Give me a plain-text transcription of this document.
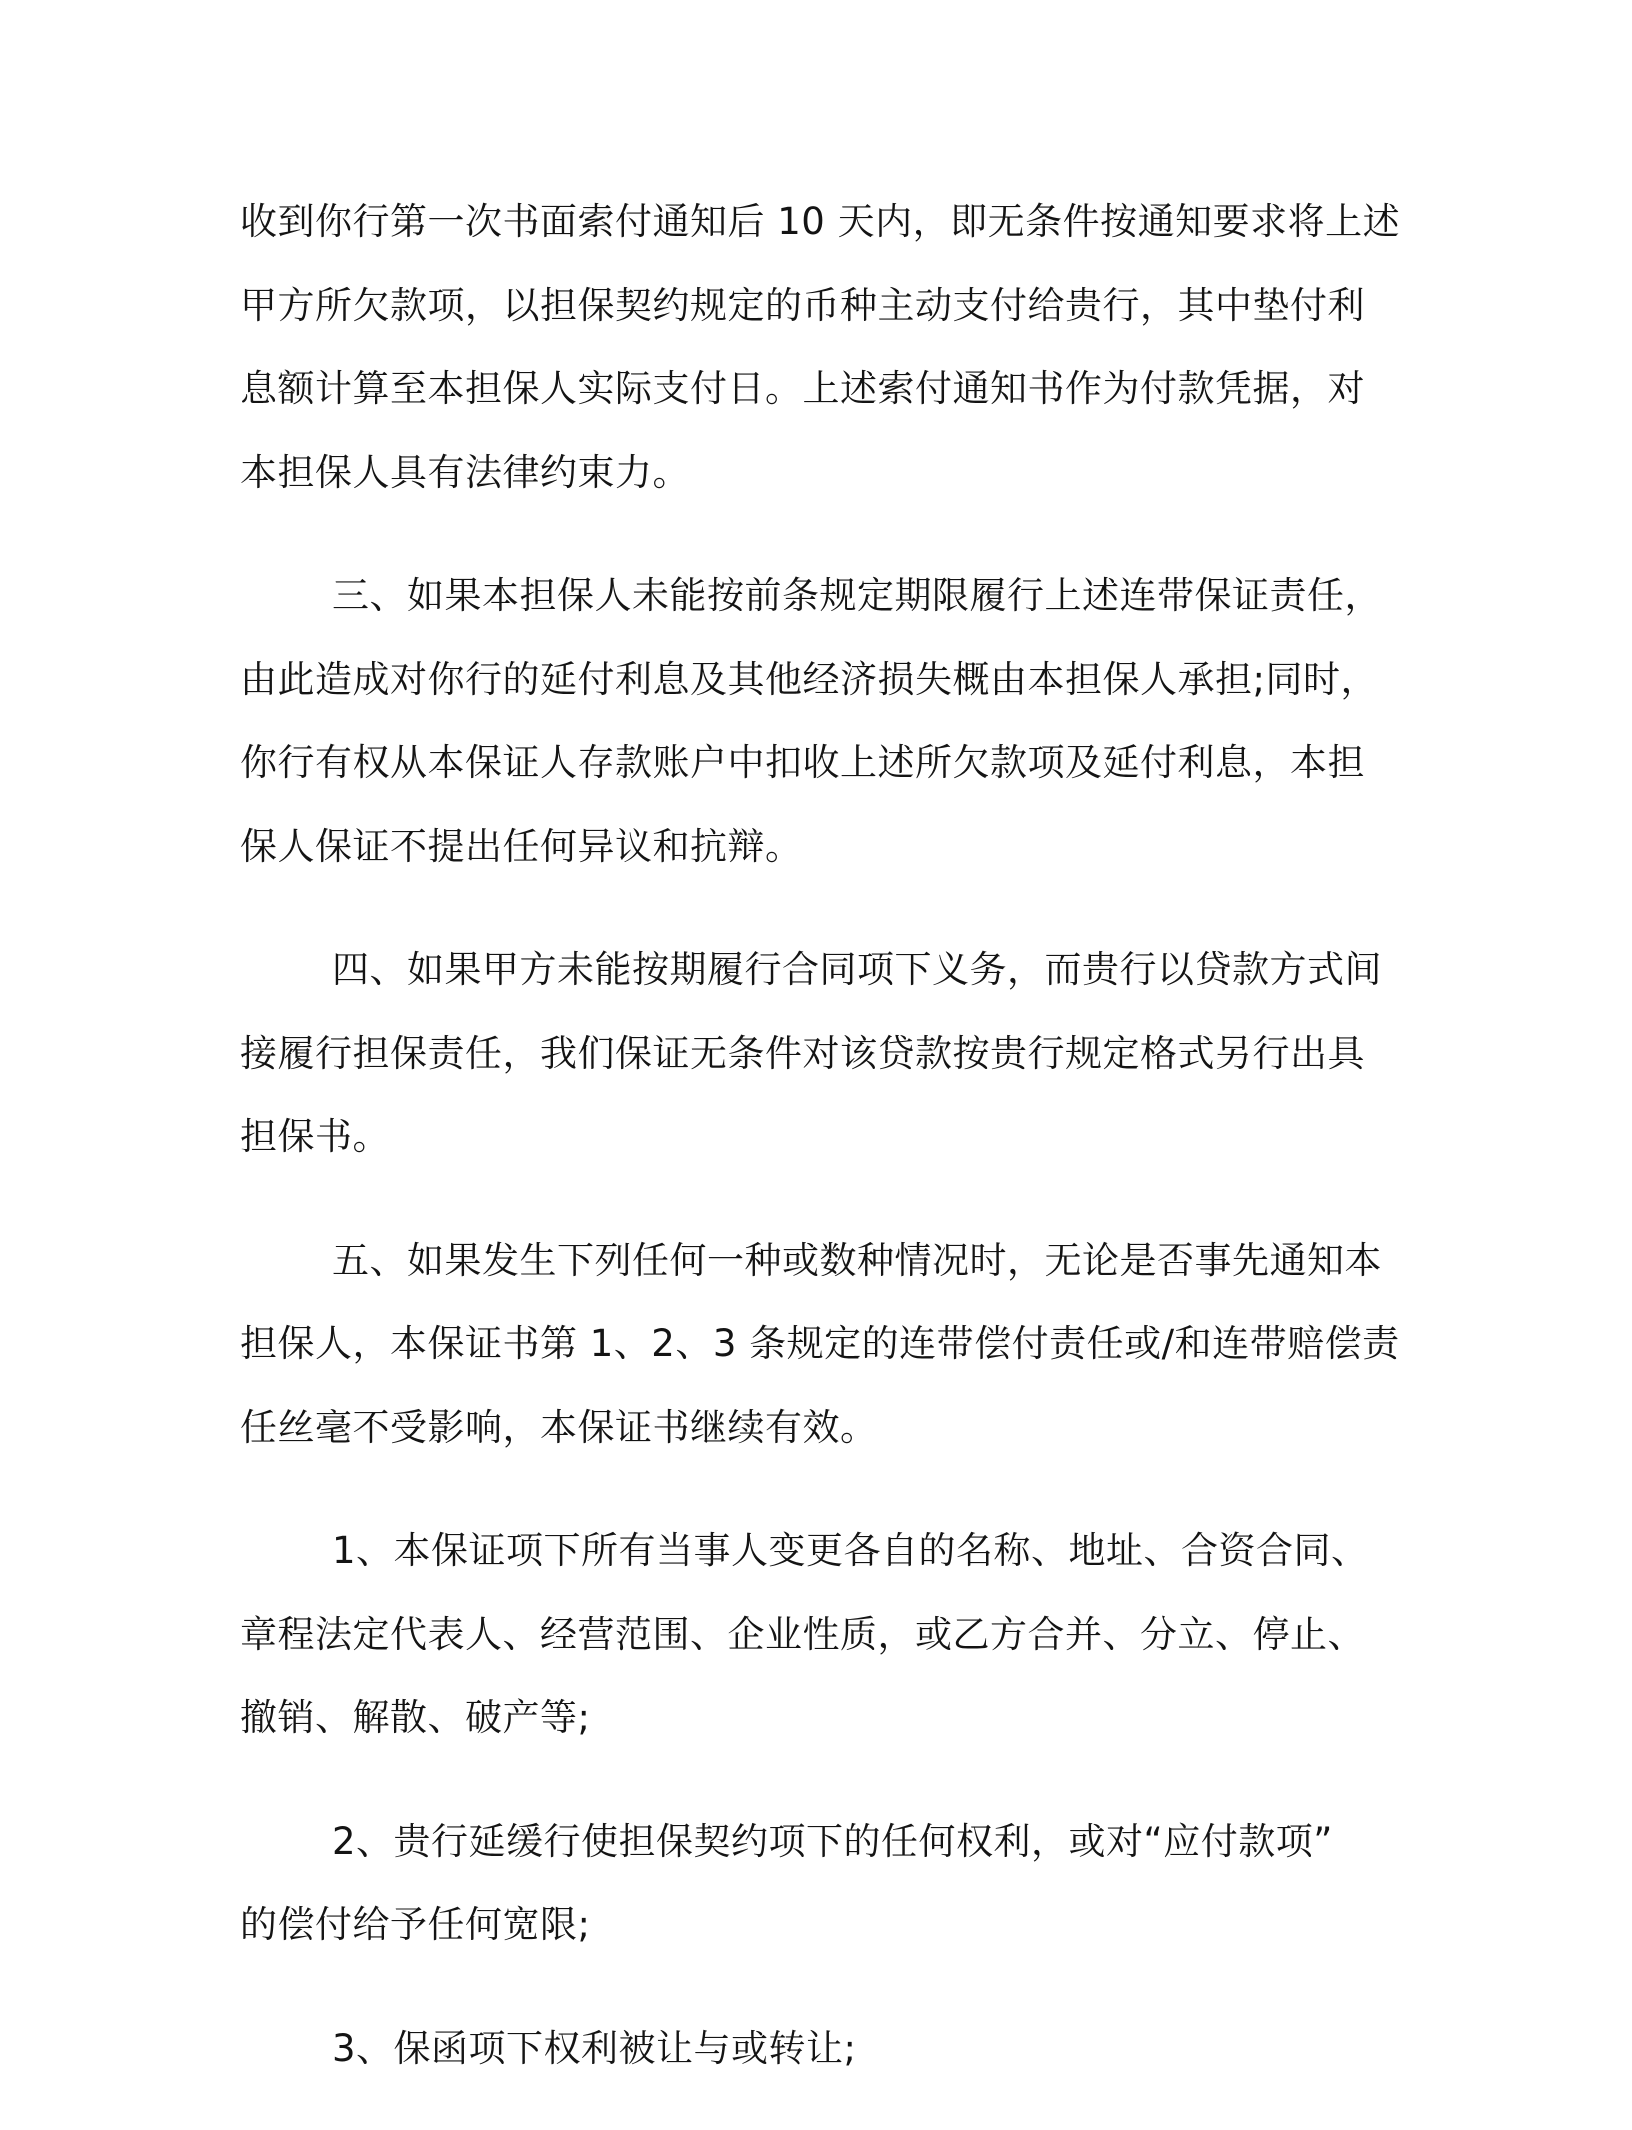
收到你行第一次书面索付通知后 10 天内，即无条件按通知要求将上述
甲方所欠款项，以担保契约规定的币种主动支付给贵行，其中垫付利
息额计算至本担保人实际支付日。上述索付通知书作为付款凭据，对
本担保人具有法律约束力。

三、如果本担保人未能按前条规定期限履行上述连带保证责任，
由此造成对你行的延付利息及其他经济损失概由本担保人承担;同时，
你行有权从本保证人存款账户中扣收上述所欠款项及延付利息，本担
保人保证不提出任何异议和抗辩。

四、如果甲方未能按期履行合同项下义务，而贵行以贷款方式间
接履行担保责任，我们保证无条件对该贷款按贵行规定格式另行出具
担保书。

五、如果发生下列任何一种或数种情况时，无论是否事先通知本
担保人，本保证书第 1、2、3 条规定的连带偿付责任或/和连带赔偿责
任丝毫不受影响，本保证书继续有效。

1、本保证项下所有当事人变更各自的名称、地址、合资合同、
章程法定代表人、经营范围、企业性质，或乙方合并、分立、停止、
撤销、解散、破产等;

2、贵行延缓行使担保契约项下的任何权利，或对“应付款项”
的偿付给予任何宽限;

3、保函项下权利被让与或转让;
